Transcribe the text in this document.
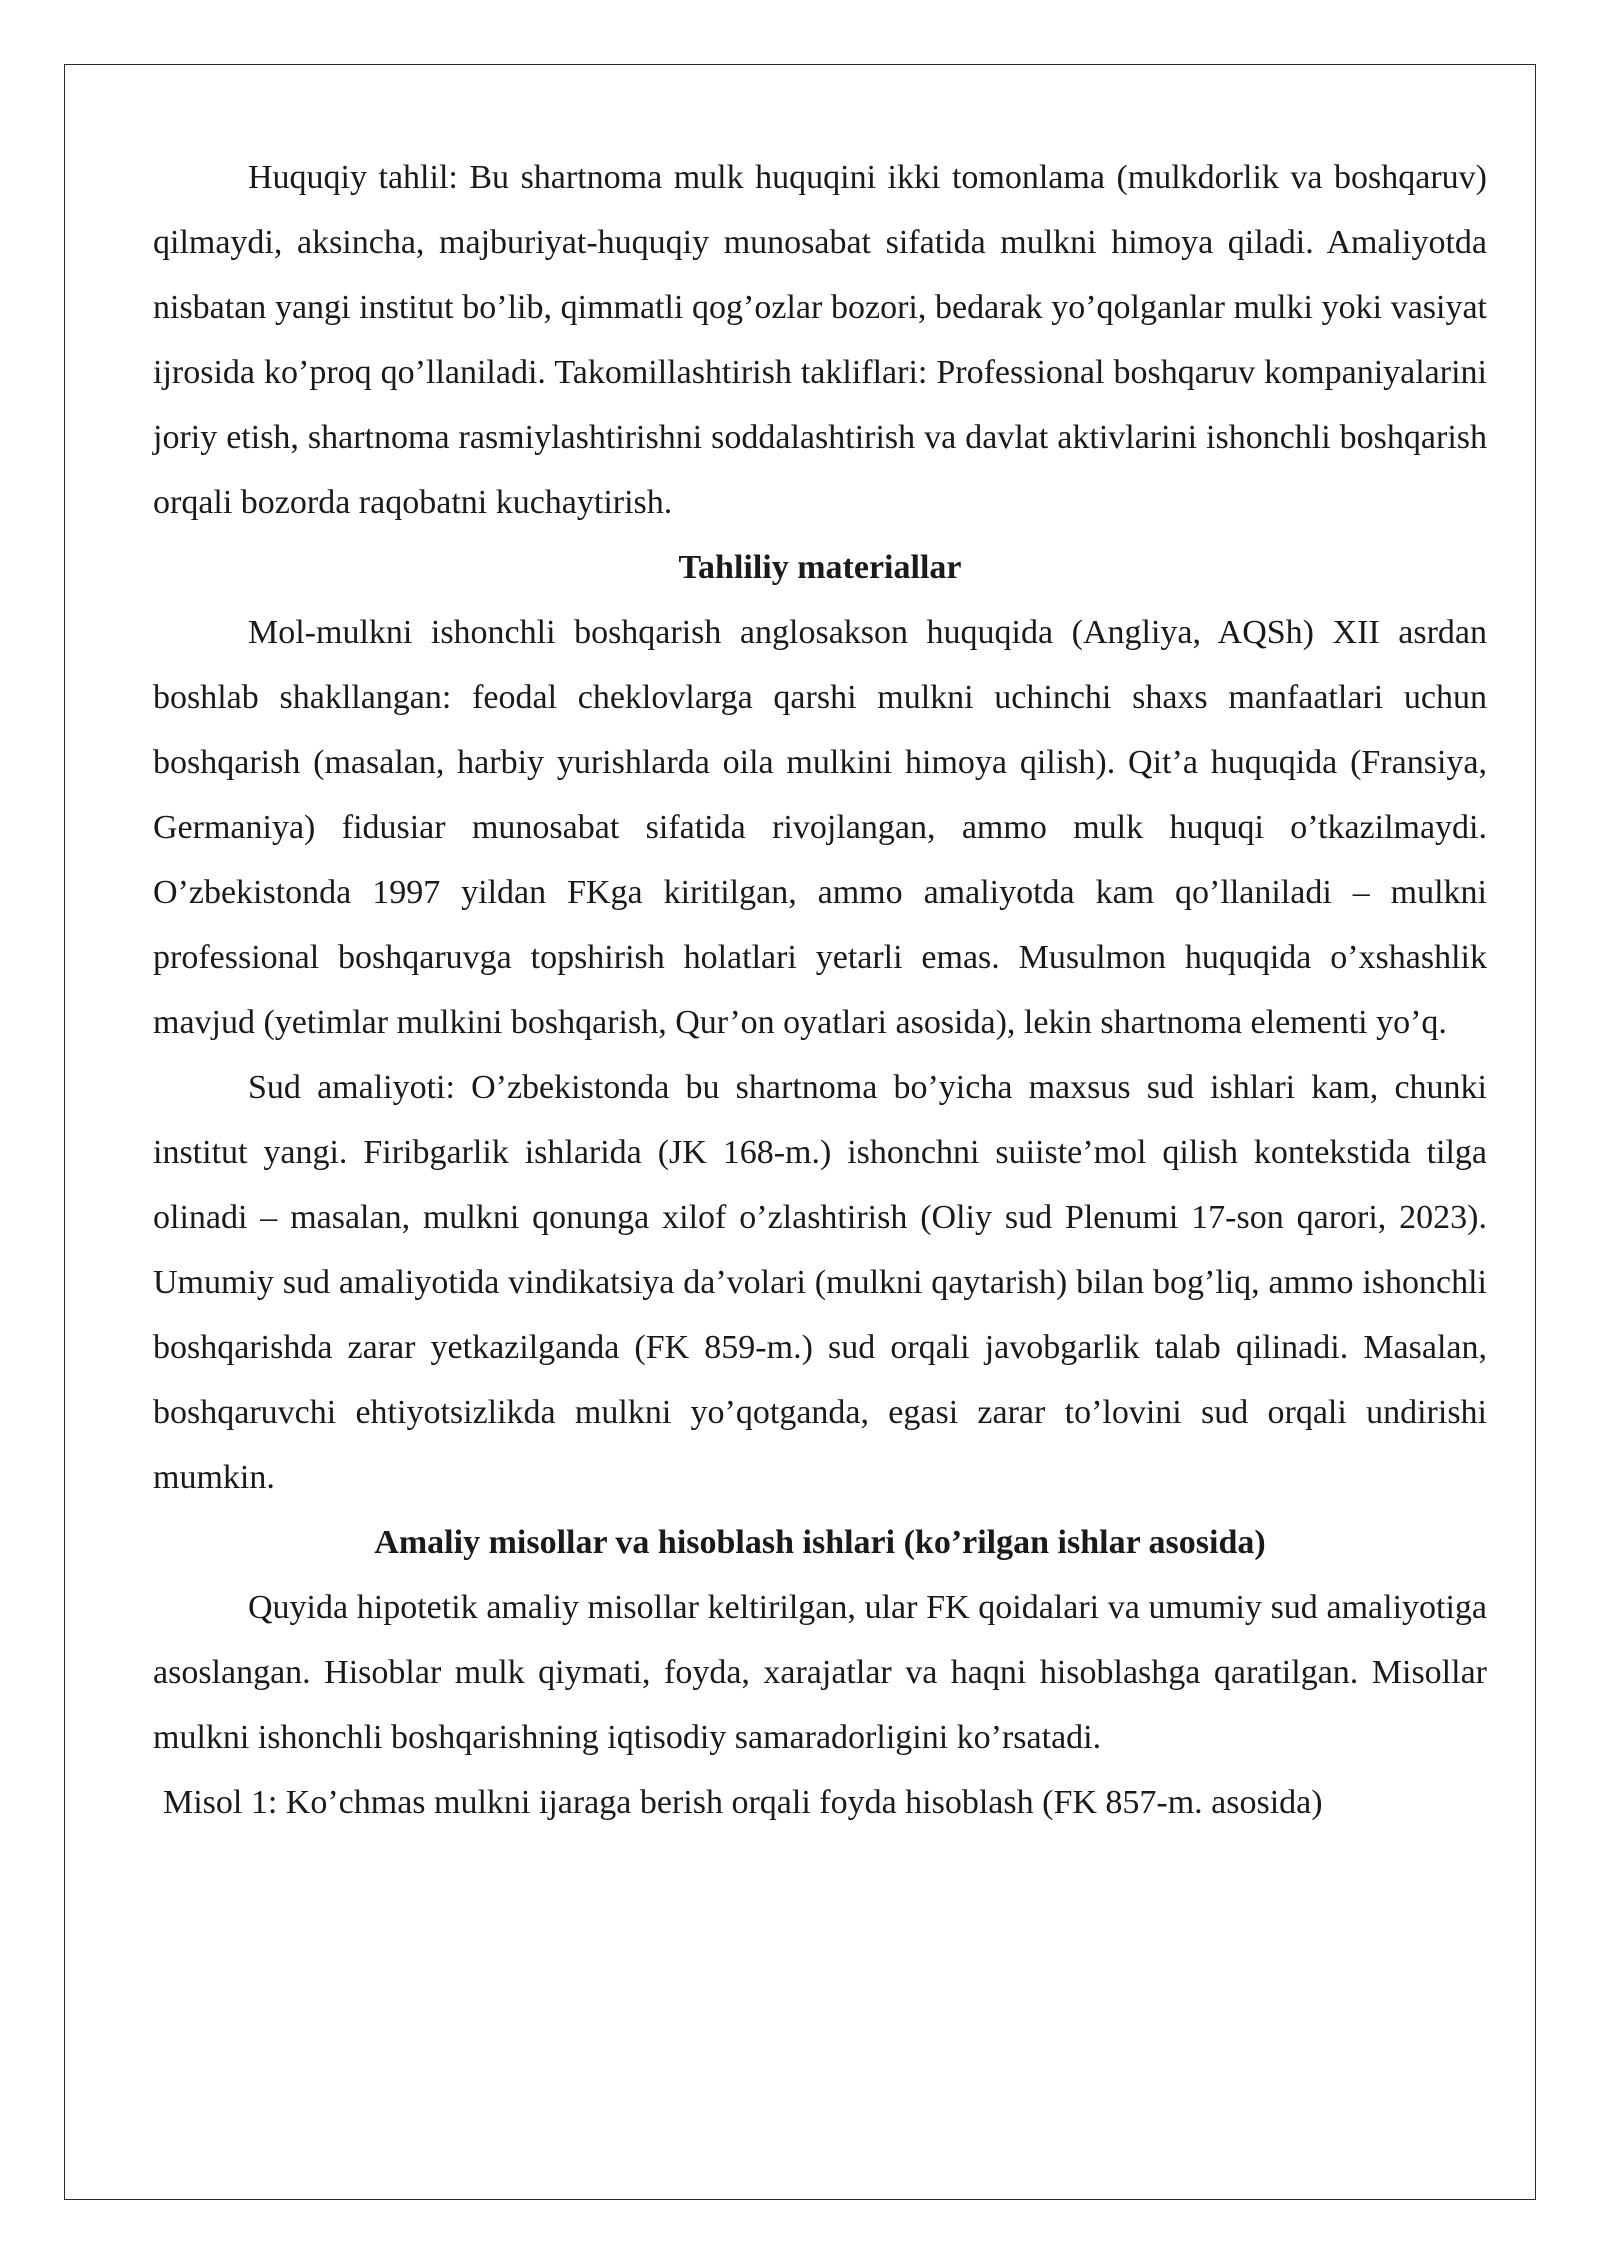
Huquqiy tahlil: Bu shartnoma mulk huquqini ikki tomonlama (mulkdorlik va boshqaruv) qilmaydi, aksincha, majburiyat-huquqiy munosabat sifatida mulkni himoya qiladi. Amaliyotda nisbatan yangi institut bo’lib, qimmatli qog’ozlar bozori, bedarak yo’qolganlar mulki yoki vasiyat ijrosida ko’proq qo’llaniladi. Takomillashtirish takliflari: Professional boshqaruv kompaniyalarini joriy etish, shartnoma rasmiylashtirishni soddalashtirish va davlat aktivlarini ishonchli boshqarish orqali bozorda raqobatni kuchaytirish.

Tahliliy materiallar

Mol-mulkni ishonchli boshqarish anglosakson huquqida (Angliya, AQSh) XII asrdan boshlab shakllangan: feodal cheklovlarga qarshi mulkni uchinchi shaxs manfaatlari uchun boshqarish (masalan, harbiy yurishlarda oila mulkini himoya qilish). Qit’a huquqida (Fransiya, Germaniya) fidusiar munosabat sifatida rivojlangan, ammo mulk huquqi o’tkazilmaydi. O’zbekistonda 1997 yildan FKga kiritilgan, ammo amaliyotda kam qo’llaniladi – mulkni professional boshqaruvga topshirish holatlari yetarli emas. Musulmon huquqida o’xshashlik mavjud (yetimlar mulkini boshqarish, Qur’on oyatlari asosida), lekin shartnoma elementi yo’q.

Sud amaliyoti: O’zbekistonda bu shartnoma bo’yicha maxsus sud ishlari kam, chunki institut yangi. Firibgarlik ishlarida (JK 168-m.) ishonchni suiiste’mol qilish kontekstida tilga olinadi – masalan, mulkni qonunga xilof o’zlashtirish (Oliy sud Plenumi 17-son qarori, 2023). Umumiy sud amaliyotida vindikatsiya da’volari (mulkni qaytarish) bilan bog’liq, ammo ishonchli boshqarishda zarar yetkazilganda (FK 859-m.) sud orqali javobgarlik talab qilinadi. Masalan, boshqaruvchi ehtiyotsizlikda mulkni yo’qotganda, egasi zarar to’lovini sud orqali undirishi mumkin.

Amaliy misollar va hisoblash ishlari (ko’rilgan ishlar asosida)

Quyida hipotetik amaliy misollar keltirilgan, ular FK qoidalari va umumiy sud amaliyotiga asoslangan. Hisoblar mulk qiymati, foyda, xarajatlar va haqni hisoblashga qaratilgan. Misollar mulkni ishonchli boshqarishning iqtisodiy samaradorligini ko’rsatadi.

Misol 1: Ko’chmas mulkni ijaraga berish orqali foyda hisoblash (FK 857-m. asosida)
